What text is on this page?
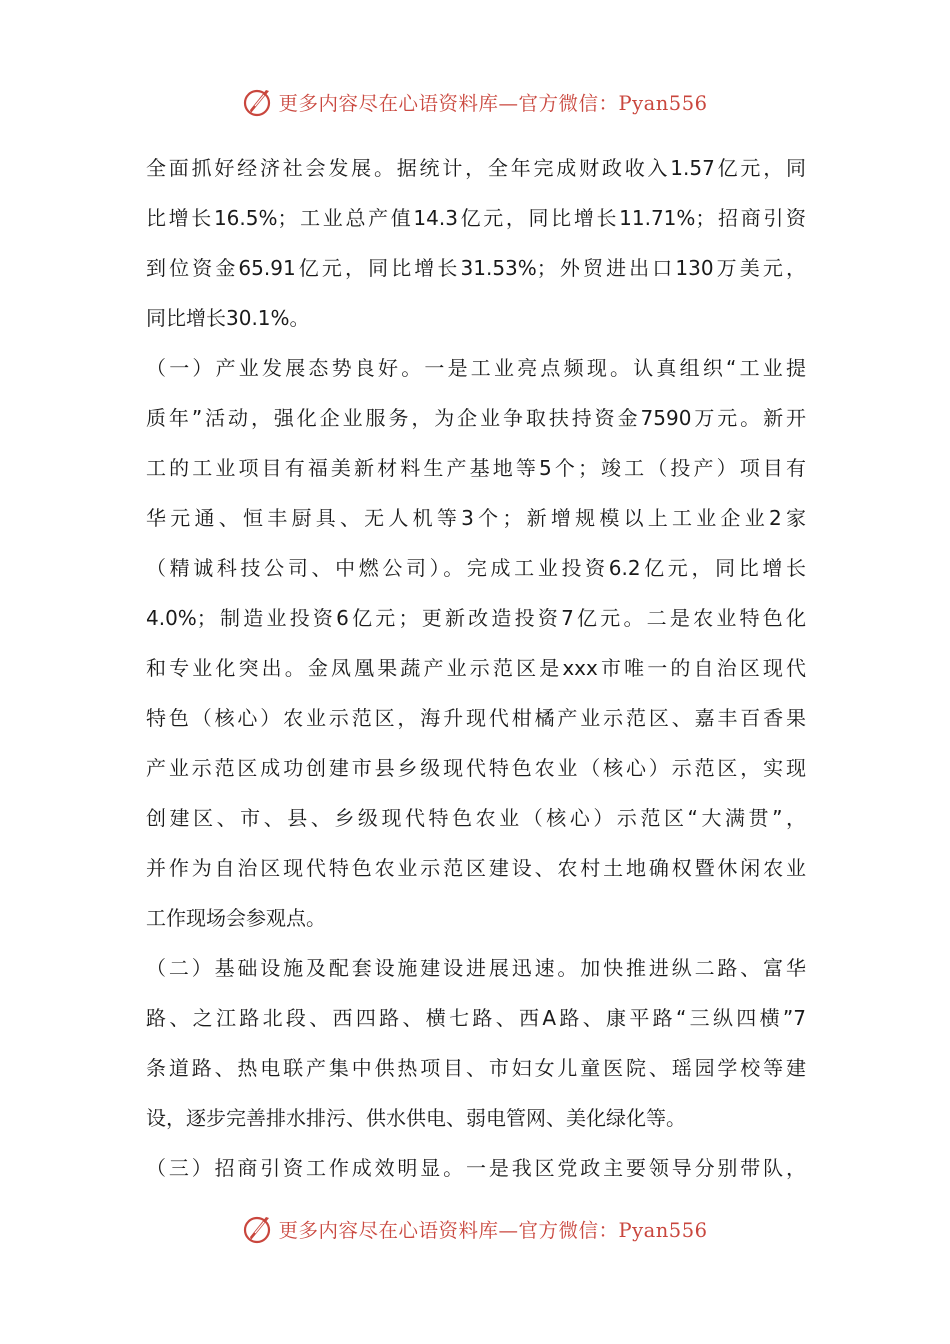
更多内容尽在心语资料库—官方微信：Pyan556
全面抓好经济社会发展。据统计，全年完成财政收入1.57亿元，同
比增长16.5%；工业总产值14.3亿元，同比增长11.71%；招商引资
到位资金65.91亿元，同比增长31.53%；外贸进出口130万美元，
同比增长30.1%。
（一）产业发展态势良好。一是工业亮点频现。认真组织“工业提
质年”活动，强化企业服务，为企业争取扶持资金7590万元。新开
工的工业项目有福美新材料生产基地等5个；竣工（投产）项目有
华元通、恒丰厨具、无人机等3个；新增规模以上工业企业2家
（精诚科技公司、中燃公司）。完成工业投资6.2亿元，同比增长
4.0%；制造业投资6亿元；更新改造投资7亿元。二是农业特色化
和专业化突出。金凤凰果蔬产业示范区是xxx市唯一的自治区现代
特色（核心）农业示范区，海升现代柑橘产业示范区、嘉丰百香果
产业示范区成功创建市县乡级现代特色农业（核心）示范区，实现
创建区、市、县、乡级现代特色农业（核心）示范区“大满贯”，
并作为自治区现代特色农业示范区建设、农村土地确权暨休闲农业
工作现场会参观点。
（二）基础设施及配套设施建设进展迅速。加快推进纵二路、富华
路、之江路北段、西四路、横七路、西A路、康平路“三纵四横”7
条道路、热电联产集中供热项目、市妇女儿童医院、瑶园学校等建
设，逐步完善排水排污、供水供电、弱电管网、美化绿化等。
（三）招商引资工作成效明显。一是我区党政主要领导分别带队，
更多内容尽在心语资料库—官方微信：Pyan556
